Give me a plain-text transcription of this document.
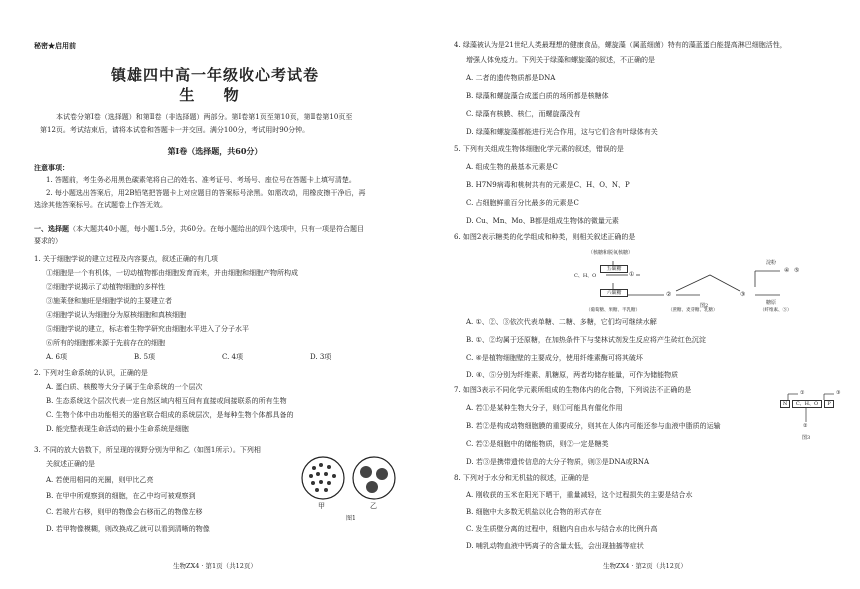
秘密★启用前
镇雄四中高一年级收心考试卷
生 物
本试卷分第Ⅰ卷（选择题）和第Ⅱ卷（非选择题）两部分。第Ⅰ卷第1页至第10页，第Ⅱ卷第10页至
第12页。考试结束后，请将本试卷和答题卡一并交回。满分100分，考试用时90分钟。
第Ⅰ卷（选择题，共60分）
注意事项：
1. 答题前，考生务必用黑色碳素笔将自己的姓名、准考证号、考场号、座位号在答题卡上填写清楚。
2. 每小题选出答案后，用2B铅笔把答题卡上对应题目的答案标号涂黑。如需改动，用橡皮擦干净后，再
选涂其他答案标号。在试题卷上作答无效。
一、选择题（本大题共40小题，每小题1.5分，共60分。在每小题给出的四个选项中，只有一项是符合题目
要求的）
1. 关于细胞学说的建立过程及内容要点，叙述正确的有几项
①细胞是一个有机体，一切动植物都由细胞发育而来，并由细胞和细胞产物所构成
②细胞学说揭示了动植物细胞的多样性
③施莱登和施旺是细胞学说的主要建立者
④细胞学说认为细胞分为原核细胞和真核细胞
⑤细胞学说的建立，标志着生物学研究由细胞水平进入了分子水平
⑥所有的细胞都来源于先前存在的细胞
A. 6项	B. 5项	C. 4项	D. 3项
2. 下列对生命系统的认识，正确的是
A. 蛋白质、核酸等大分子属于生命系统的一个层次
B. 生态系统这个层次代表一定自然区域内相互间有直接或间接联系的所有生物
C. 生物个体中由功能相关的器官联合组成的系统层次，是每种生物个体都具备的
D. 能完整表现生命活动的最小生命系统是细胞
3. 不同的放大倍数下，所呈现的视野分别为甲和乙（如图1所示）。下列相
关叙述正确的是
A. 若使用相同的光圈，则甲比乙亮
B. 在甲中所观察到的细胞，在乙中均可被观察到
C. 若玻片右移，则甲的物像会右移而乙的物像左移
D. 若甲物像模糊，则改换成乙就可以看到清晰的物像
甲	乙
图1
生物ZX4 · 第1页（共12页）
4. 绿藻被认为是21世纪人类最理想的健康食品，螺旋藻（属蓝细菌）特有的藻蓝蛋白能提高淋巴细胞活性，
增强人体免疫力。下列关于绿藻和螺旋藻的叙述，不正确的是
A. 二者的遗传物质都是DNA
B. 绿藻和螺旋藻合成蛋白质的场所都是核糖体
C. 绿藻有核膜、核仁，而螺旋藻没有
D. 绿藻和螺旋藻都能进行光合作用，这与它们含有叶绿体有关
5. 下列有关组成生物体细胞化学元素的叙述，错误的是
A. 组成生物的最基本元素是C
B. H7N9病毒和桃树共有的元素是C、H、O、N、P
C. 占细胞鲜重百分比最多的元素是C
D. Cu、Mn、Mo、B都是组成生物体的微量元素
6. 如图2表示糖类的化学组成和种类，则相关叙述正确的是
（核糖和脱氧核糖）
五碳糖
C、H、O	①
六碳糖	②	③
淀粉
④ ⑤
糖原
（葡萄糖、果糖、半乳糖）	（蔗糖、麦芽糖、乳糖）	（纤维素、⑤）
图2
A. ①、②、③依次代表单糖、二糖、多糖，它们均可继续水解
B. ①、②均属于还原糖，在加热条件下与斐林试剂发生反应将产生砖红色沉淀
C. ④是植物细胞壁的主要成分，使用纤维素酶可将其破坏
D. ④、⑤分别为纤维素、肌糖原，两者均储存能量，可作为储能物质
7. 如图3表示不同化学元素所组成的生物体内的化合物，下列说法不正确的是
A. 若①是某种生物大分子，则①可能具有催化作用
B. 若②是构成动物细胞膜的重要成分，则其在人体内可能还参与血液中脂质的运输
C. 若②是细胞中的储能物质，则②一定是糖类
D. 若③是携带遗传信息的大分子物质，则③是DNA或RNA
①	③
N	C、H、O	P
②
图3
8. 下列对于水分和无机盐的叙述，正确的是
A. 刚收获的玉米在阳光下晒干，重量减轻，这个过程损失的主要是结合水
B. 细胞中大多数无机盐以化合物的形式存在
C. 发生质壁分离的过程中，细胞内自由水与结合水的比例升高
D. 哺乳动物血液中钙离子的含量太低，会出现抽搐等症状
生物ZX4 · 第2页（共12页）
